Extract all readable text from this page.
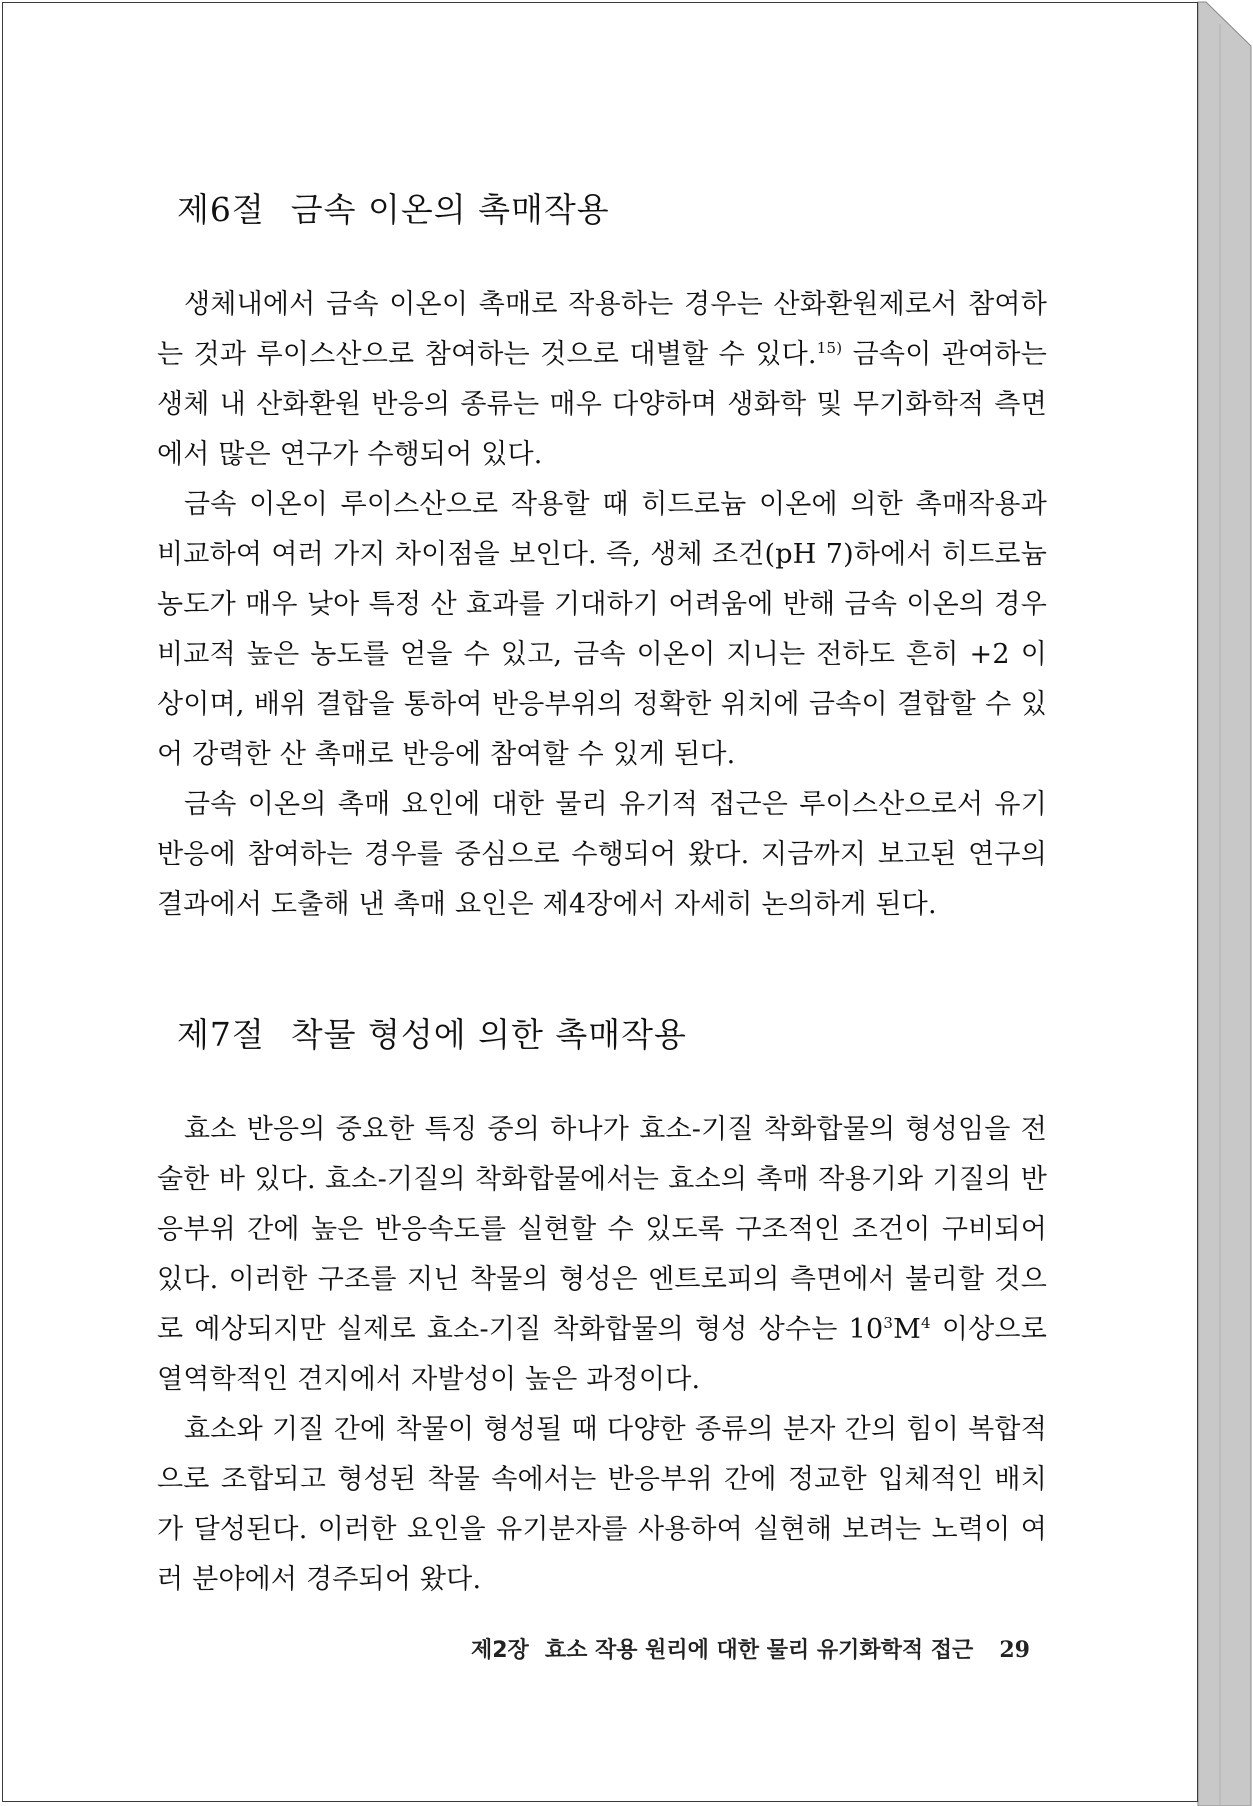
제6절 금속 이온의 촉매작용

생체내에서 금속 이온이 촉매로 작용하는 경우는 산화환원제로서 참여하는 것과 루이스산으로 참여하는 것으로 대별할 수 있다.$^{15)}$ 금속이 관여하는 생체 내 산화환원 반응의 종류는 매우 다양하며 생화학 및 무기화학적 측면에서 많은 연구가 수행되어 있다.

금속 이온이 루이스산으로 작용할 때 히드로늄 이온에 의한 촉매작용과 비교하여 여러 가지 차이점을 보인다. 즉, 생체 조건(pH 7)하에서 히드로늄 농도가 매우 낮아 특정 산 효과를 기대하기 어려움에 반해 금속 이온의 경우 비교적 높은 농도를 얻을 수 있고, 금속 이온이 지니는 전하도 흔히 +2 이상이며, 배위 결합을 통하여 반응부위의 정확한 위치에 금속이 결합할 수 있어 강력한 산 촉매로 반응에 참여할 수 있게 된다.

금속 이온의 촉매 요인에 대한 물리 유기적 접근은 루이스산으로서 유기반응에 참여하는 경우를 중심으로 수행되어 왔다. 지금까지 보고된 연구의 결과에서 도출해 낸 촉매 요인은 제4장에서 자세히 논의하게 된다.

제7절 착물 형성에 의한 촉매작용

효소 반응의 중요한 특징 중의 하나가 효소-기질 착화합물의 형성임을 전술한 바 있다. 효소-기질의 착화합물에서는 효소의 촉매 작용기와 기질의 반응부위 간에 높은 반응속도를 실현할 수 있도록 구조적인 조건이 구비되어 있다. 이러한 구조를 지닌 착물의 형성은 엔트로피의 측면에서 불리할 것으로 예상되지만 실제로 효소-기질 착화합물의 형성 상수는 $10^3M^4$ 이상으로 열역학적인 견지에서 자발성이 높은 과정이다.

효소와 기질 간에 착물이 형성될 때 다양한 종류의 분자 간의 힘이 복합적으로 조합되고 형성된 착물 속에서는 반응부위 간에 정교한 입체적인 배치가 달성된다. 이러한 요인을 유기분자를 사용하여 실현해 보려는 노력이 여러 분야에서 경주되어 왔다.

제2장 효소 작용 원리에 대한 물리 유기화학적 접근 29
